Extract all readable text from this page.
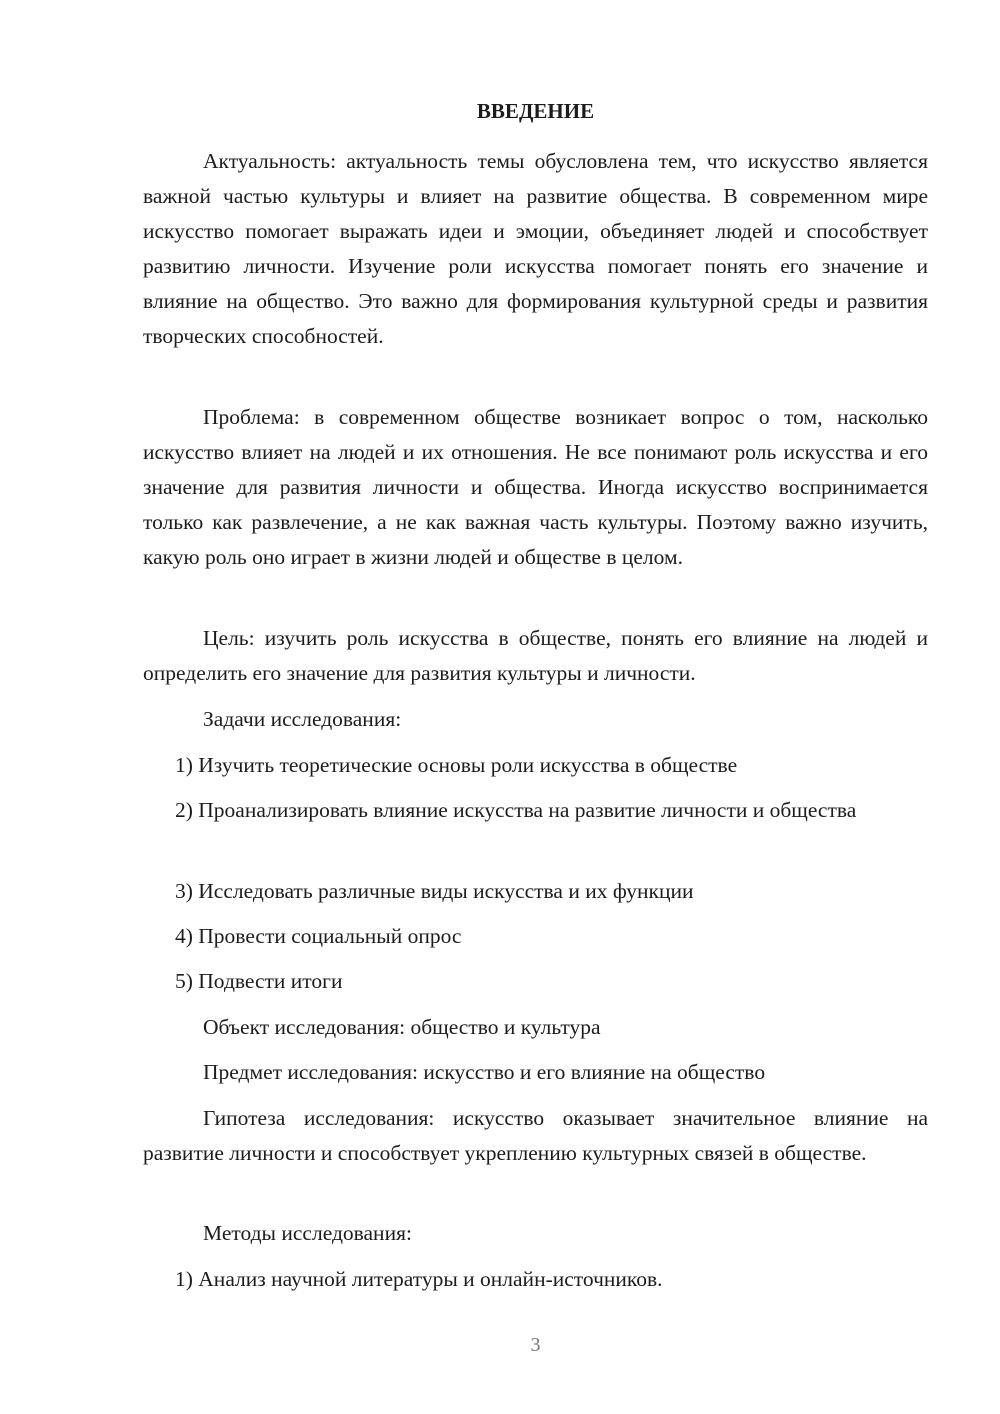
ВВЕДЕНИЕ

Актуальность: актуальность темы обусловлена тем, что искусство является важной частью культуры и влияет на развитие общества. В современном мире искусство помогает выражать идеи и эмоции, объединяет людей и способствует развитию личности. Изучение роли искусства помогает понять его значение и влияние на общество. Это важно для формирования культурной среды и развития творческих способностей.

Проблема: в современном обществе возникает вопрос о том, насколько искусство влияет на людей и их отношения. Не все понимают роль искусства и его значение для развития личности и общества. Иногда искусство воспринимается только как развлечение, а не как важная часть культуры. Поэтому важно изучить, какую роль оно играет в жизни людей и обществе в целом.

Цель: изучить роль искусства в обществе, понять его влияние на людей и определить его значение для развития культуры и личности.

Задачи исследования:

1) Изучить теоретические основы роли искусства в обществе

2) Проанализировать влияние искусства на развитие личности и общества

3) Исследовать различные виды искусства и их функции

4) Провести социальный опрос

5) Подвести итоги

Объект исследования: общество и культура

Предмет исследования: искусство и его влияние на общество

Гипотеза исследования: искусство оказывает значительное влияние на развитие личности и способствует укреплению культурных связей в обществе.

Методы исследования:

1) Анализ научной литературы и онлайн-источников.

3
